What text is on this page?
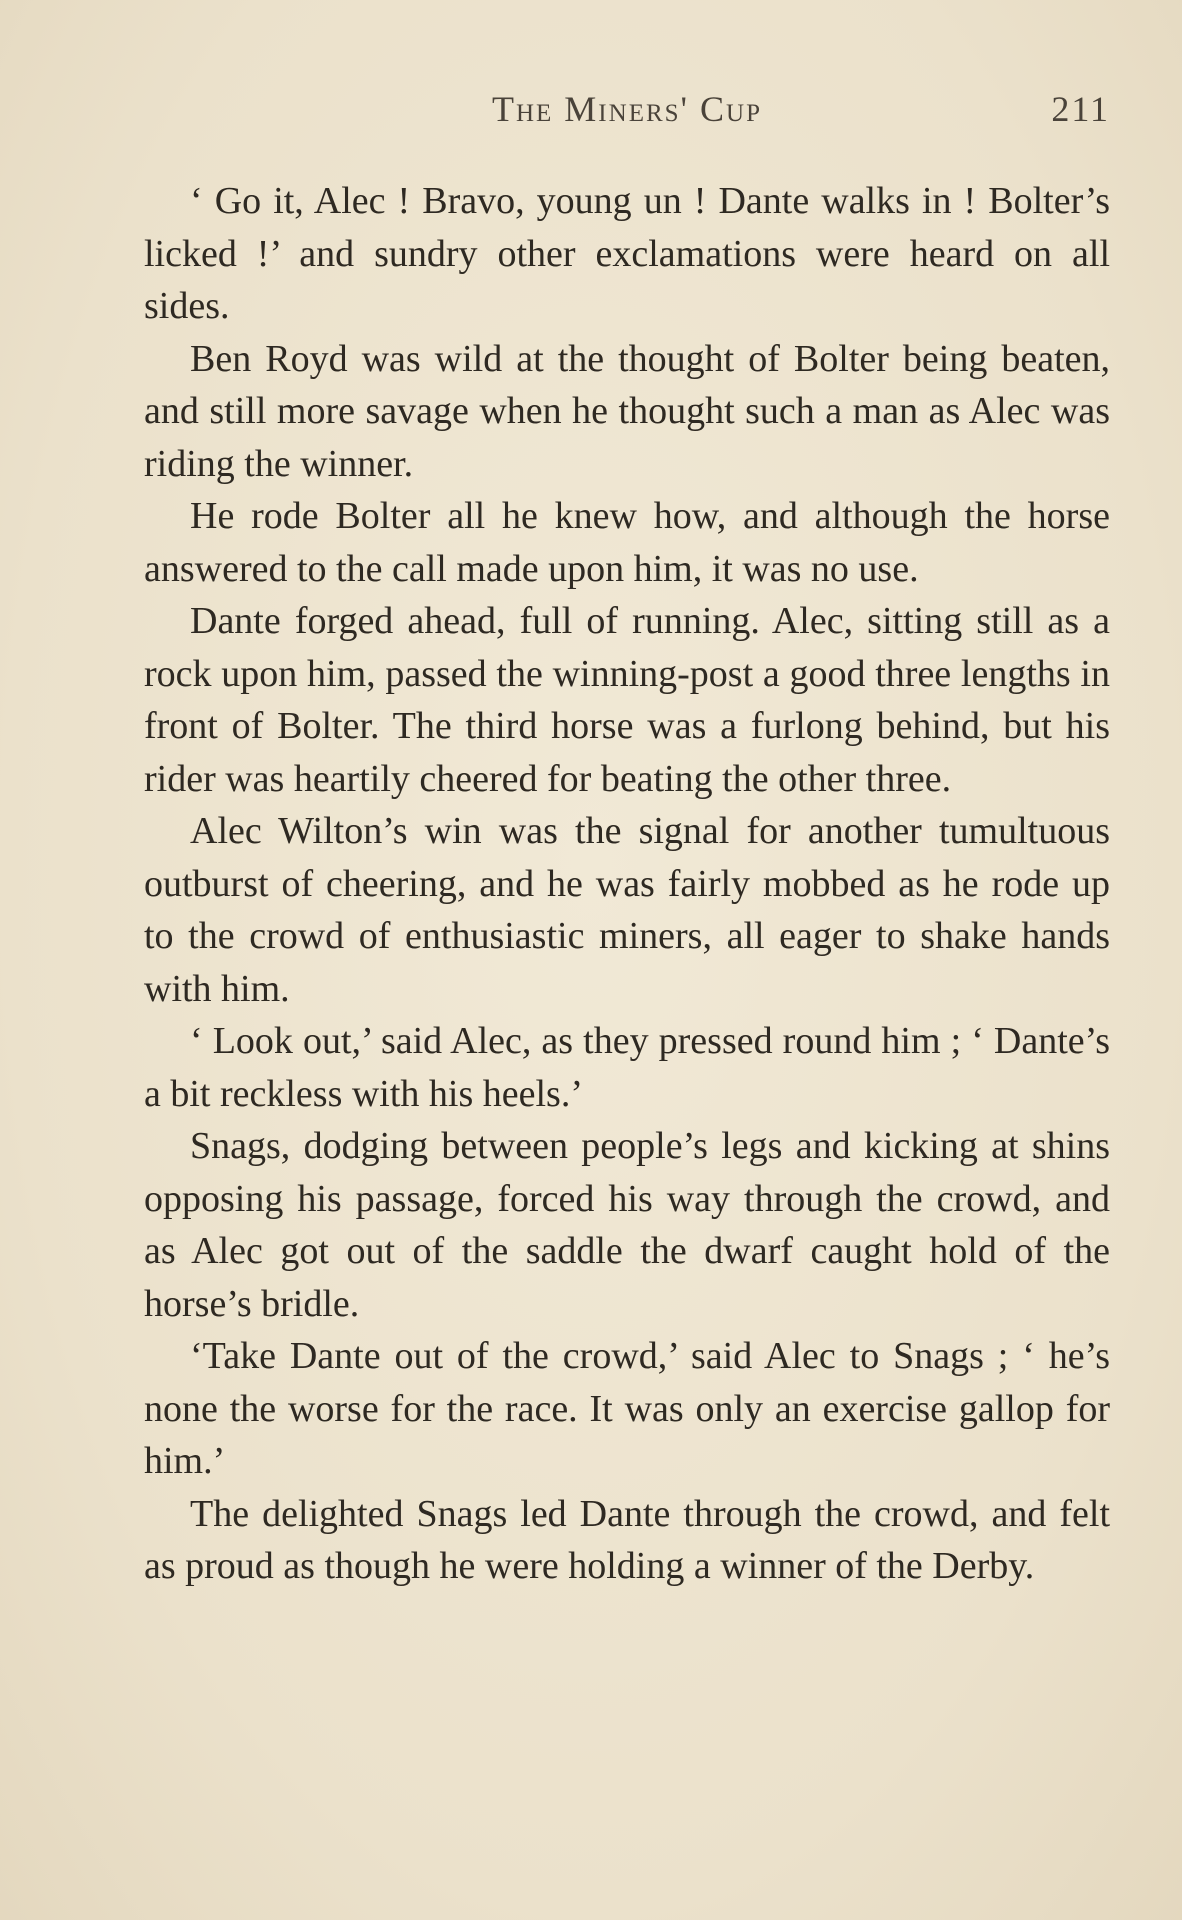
The Miners' Cup	211

‘ Go it, Alec ! Bravo, young un ! Dante walks in ! Bolter’s licked !’ and sundry other exclamations were heard on all sides.

Ben Royd was wild at the thought of Bolter being beaten, and still more savage when he thought such a man as Alec was riding the winner.

He rode Bolter all he knew how, and although the horse answered to the call made upon him, it was no use.

Dante forged ahead, full of running. Alec, sitting still as a rock upon him, passed the winning-post a good three lengths in front of Bolter. The third horse was a furlong behind, but his rider was heartily cheered for beating the other three.

Alec Wilton’s win was the signal for another tumultuous outburst of cheering, and he was fairly mobbed as he rode up to the crowd of enthusiastic miners, all eager to shake hands with him.

‘ Look out,’ said Alec, as they pressed round him ; ‘ Dante’s a bit reckless with his heels.’

Snags, dodging between people’s legs and kicking at shins opposing his passage, forced his way through the crowd, and as Alec got out of the saddle the dwarf caught hold of the horse’s bridle.

‘Take Dante out of the crowd,’ said Alec to Snags ; ‘ he’s none the worse for the race. It was only an exercise gallop for him.’

The delighted Snags led Dante through the crowd, and felt as proud as though he were holding a winner of the Derby.
